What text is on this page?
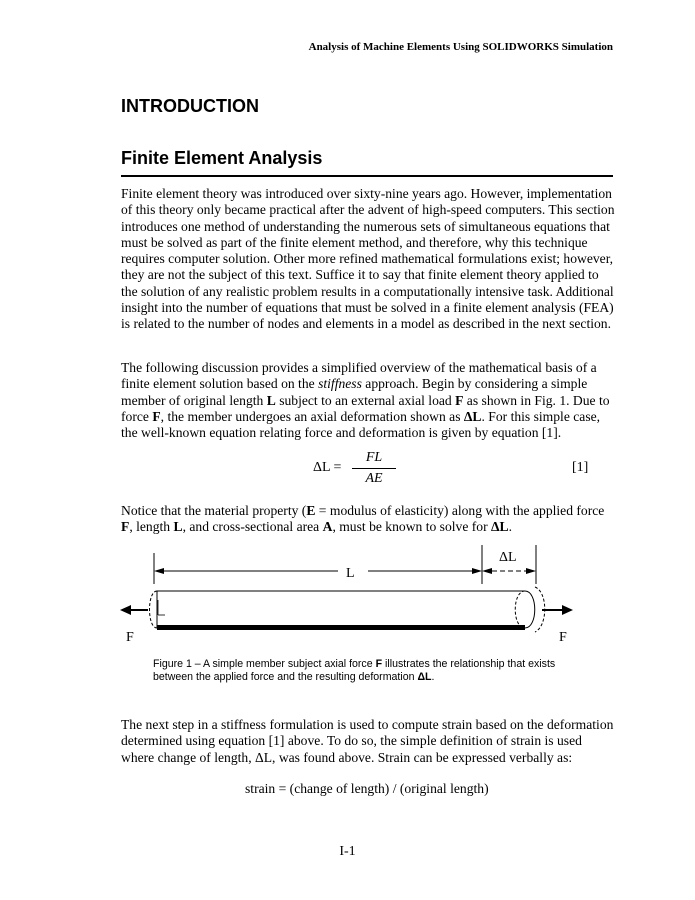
Analysis of Machine Elements Using SOLIDWORKS Simulation
INTRODUCTION
Finite Element Analysis

Finite element theory was introduced over sixty-nine years ago. However, implementation of this theory only became practical after the advent of high-speed computers. This section introduces one method of understanding the numerous sets of simultaneous equations that must be solved as part of the finite element method, and therefore, why this technique requires computer solution. Other more refined mathematical formulations exist; however, they are not the subject of this text. Suffice it to say that finite element theory applied to the solution of any realistic problem results in a computationally intensive task. Additional insight into the number of equations that must be solved in a finite element analysis (FEA) is related to the number of nodes and elements in a model as described in the next section.

The following discussion provides a simplified overview of the mathematical basis of a finite element solution based on the stiffness approach. Begin by considering a simple member of original length L subject to an external axial load F as shown in Fig. 1. Due to force F, the member undergoes an axial deformation shown as ΔL. For this simple case, the well-known equation relating force and deformation is given by equation [1].

ΔL =
FL
AE
[1]

Notice that the material property (E = modulus of elasticity) along with the applied force F, length L, and cross-sectional area A, must be known to solve for ΔL.

L
ΔL
F	F
Figure 1 – A simple member subject axial force F illustrates the relationship that exists between the applied force and the resulting deformation ΔL.

The next step in a stiffness formulation is used to compute strain based on the deformation determined using equation [1] above. To do so, the simple definition of strain is used where change of length, ΔL, was found above. Strain can be expressed verbally as:

strain = (change of length) / (original length)
I-1
